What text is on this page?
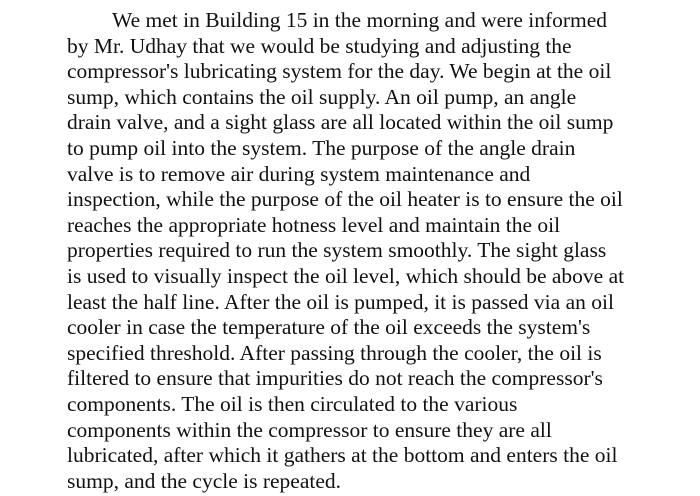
We met in Building 15 in the morning and were informed
by Mr. Udhay that we would be studying and adjusting the
compressor's lubricating system for the day. We begin at the oil
sump, which contains the oil supply. An oil pump, an angle
drain valve, and a sight glass are all located within the oil sump
to pump oil into the system. The purpose of the angle drain
valve is to remove air during system maintenance and
inspection, while the purpose of the oil heater is to ensure the oil
reaches the appropriate hotness level and maintain the oil
properties required to run the system smoothly. The sight glass
is used to visually inspect the oil level, which should be above at
least the half line. After the oil is pumped, it is passed via an oil
cooler in case the temperature of the oil exceeds the system's
specified threshold. After passing through the cooler, the oil is
filtered to ensure that impurities do not reach the compressor's
components. The oil is then circulated to the various
components within the compressor to ensure they are all
lubricated, after which it gathers at the bottom and enters the oil
sump, and the cycle is repeated.
